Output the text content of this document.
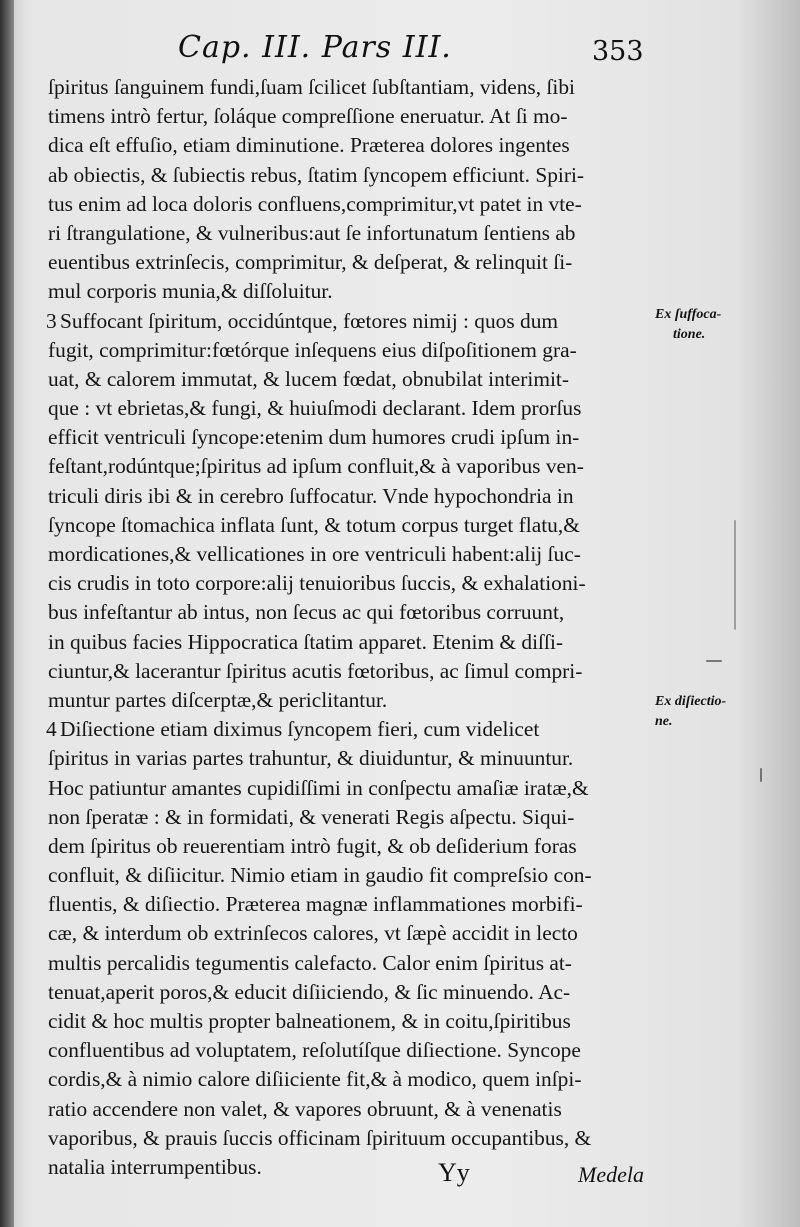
Cap. III. Pars III.	353
ſpiritus ſanguinem fundi,ſuam ſcilicet ſubſtantiam, videns, ſibi
timens intrò fertur, ſoláque compreſſione eneruatur. At ſi mo-
dica eſt effuſio, etiam diminutione. Præterea dolores ingentes
ab obiectis, & ſubiectis rebus, ſtatim ſyncopem efficiunt. Spiri-
tus enim ad loca doloris confluens,comprimitur,vt patet in vte-
ri ſtrangulatione, & vulneribus:aut ſe infortunatum ſentiens ab
euentibus extrinſecis, comprimitur, & deſperat, & relinquit ſi-
mul corporis munia,& diſſoluitur.
3 Suffocant ſpiritum, occidúntque, fœtores nimij : quos dum
fugit, comprimitur:fœtórque inſequens eius diſpoſitionem gra-
uat, & calorem immutat, & lucem fœdat, obnubilat interimit-
que : vt ebrietas,& fungi, & huiuſmodi declarant. Idem prorſus
efficit ventriculi ſyncope:etenim dum humores crudi ipſum in-
feſtant,rodúntque;ſpiritus ad ipſum confluit,& à vaporibus ven-
triculi diris ibi & in cerebro ſuffocatur. Vnde hypochondria in
ſyncope ſtomachica inflata ſunt, & totum corpus turget flatu,&
mordicationes,& vellicationes in ore ventriculi habent:alij ſuc-
cis crudis in toto corpore:alij tenuioribus ſuccis, & exhalationi-
bus infeſtantur ab intus, non ſecus ac qui fœtoribus corruunt,
in quibus facies Hippocratica ſtatim apparet. Etenim & diſſi-
ciuntur,& lacerantur ſpiritus acutis fœtoribus, ac ſimul compri-
muntur partes diſcerptæ,& periclitantur.
4 Diſiectione etiam diximus ſyncopem fieri, cum videlicet
ſpiritus in varias partes trahuntur, & diuiduntur, & minuuntur.
Hoc patiuntur amantes cupidiſſimi in conſpectu amaſiæ iratæ,&
non ſperatæ : & in formidati, & venerati Regis aſpectu. Siqui-
dem ſpiritus ob reuerentiam intrò fugit, & ob deſiderium foras
confluit, & diſiicitur. Nimio etiam in gaudio fit compreſsio con-
fluentis, & diſiectio. Præterea magnæ inflammationes morbifi-
cæ, & interdum ob extrinſecos calores, vt ſæpè accidit in lecto
multis percalidis tegumentis calefacto. Calor enim ſpiritus at-
tenuat,aperit poros,& educit diſiiciendo, & ſic minuendo. Ac-
cidit & hoc multis propter balneationem, & in coitu,ſpiritibus
confluentibus ad voluptatem, reſolutíſque diſiectione. Syncope
cordis,& à nimio calore diſiiciente fit,& à modico, quem inſpi-
ratio accendere non valet, & vapores obruunt, & à venenatis
vaporibus, & prauis ſuccis officinam ſpirituum occupantibus, &
natalia interrumpentibus.
Ex ſuffoca-
tione.
Ex diſiectio-
ne.
Yy	Medela
